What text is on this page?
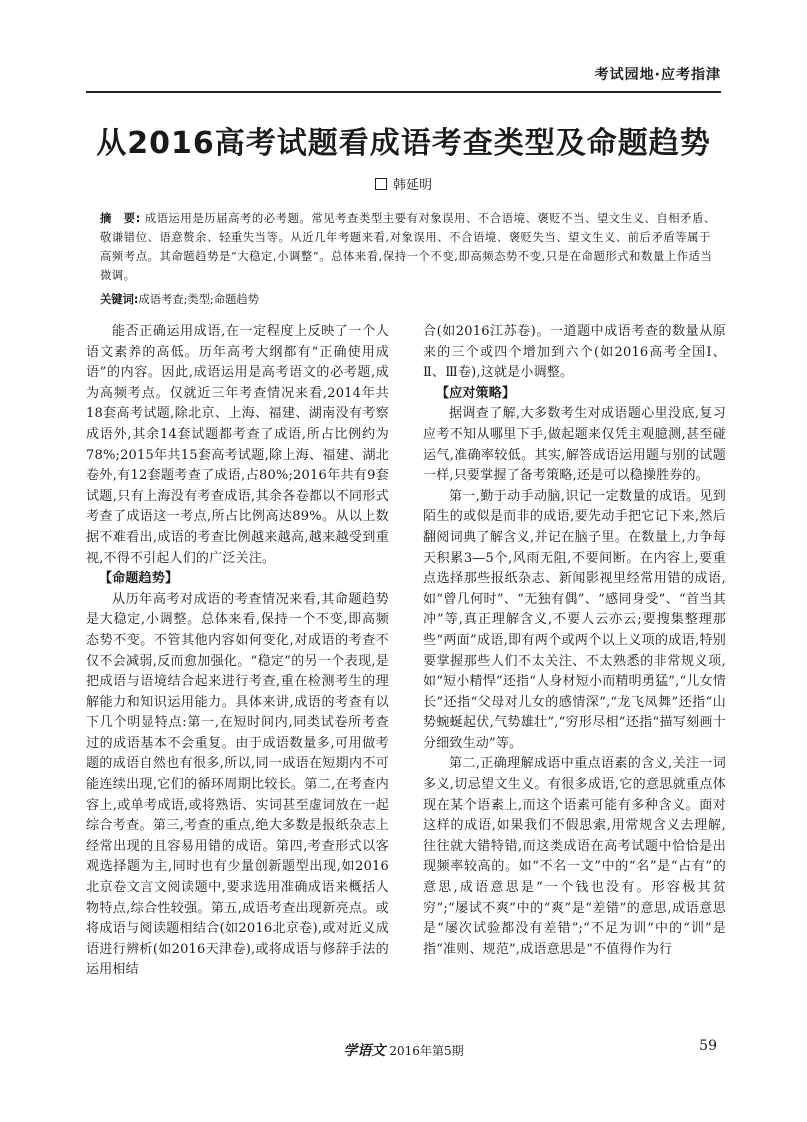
考试园地·应考指津
从2016高考试题看成语考查类型及命题趋势
韩延明
摘　要: 成语运用是历届高考的必考题。常见考查类型主要有对象误用、不合语境、褒贬不当、望文生义、自相矛盾、敬谦错位、语意赘余、轻重失当等。从近几年考题来看,对象误用、不合语境、褒贬失当、望文生义、前后矛盾等属于高频考点。其命题趋势是“大稳定,小调整”。总体来看,保持一个不变,即高频态势不变,只是在命题形式和数量上作适当微调。
关键词:成语考查;类型;命题趋势

能否正确运用成语,在一定程度上反映了一个人语文素养的高低。历年高考大纲都有“正确使用成语”的内容。因此,成语运用是高考语文的必考题,成为高频考点。仅就近三年考查情况来看,2014年共18套高考试题,除北京、上海、福建、湖南没有考察成语外,其余14套试题都考查了成语,所占比例约为78%;2015年共15套高考试题,除上海、福建、湖北卷外,有12套题考查了成语,占80%;2016年共有9套试题,只有上海没有考查成语,其余各卷都以不同形式考查了成语这一考点,所占比例高达89%。从以上数据不难看出,成语的考查比例越来越高,越来越受到重视,不得不引起人们的广泛关注。

【命题趋势】

从历年高考对成语的考查情况来看,其命题趋势是大稳定,小调整。总体来看,保持一个不变,即高频态势不变。不管其他内容如何变化,对成语的考查不仅不会减弱,反而愈加强化。“稳定”的另一个表现,是把成语与语境结合起来进行考查,重在检测考生的理解能力和知识运用能力。具体来讲,成语的考查有以下几个明显特点:第一,在短时间内,同类试卷所考查过的成语基本不会重复。由于成语数量多,可用做考题的成语自然也有很多,所以,同一成语在短期内不可能连续出现,它们的循环周期比较长。第二,在考查内容上,或单考成语,或将熟语、实词甚至虚词放在一起综合考查。第三,考查的重点,绝大多数是报纸杂志上经常出现的且容易用错的成语。第四,考查形式以客观选择题为主,同时也有少量创新题型出现,如2016北京卷文言文阅读题中,要求选用准确成语来概括人物特点,综合性较强。第五,成语考查出现新亮点。或将成语与阅读题相结合(如2016北京卷),或对近义成语进行辨析(如2016天津卷),或将成语与修辞手法的运用相结

合(如2016江苏卷)。一道题中成语考查的数量从原来的三个或四个增加到六个(如2016高考全国Ⅰ、Ⅱ、Ⅲ卷),这就是小调整。

【应对策略】

据调查了解,大多数考生对成语题心里没底,复习应考不知从哪里下手,做起题来仅凭主观臆测,甚至碰运气,准确率较低。其实,解答成语运用题与别的试题一样,只要掌握了备考策略,还是可以稳操胜券的。

第一,勤于动手动脑,识记一定数量的成语。见到陌生的或似是而非的成语,要先动手把它记下来,然后翻阅词典了解含义,并记在脑子里。在数量上,力争每天积累3—5个,风雨无阻,不要间断。在内容上,要重点选择那些报纸杂志、新闻影视里经常用错的成语,如“曾几何时”、“无独有偶”、“感同身受”、“首当其冲”等,真正理解含义,不要人云亦云;要搜集整理那些“两面”成语,即有两个或两个以上义项的成语,特别要掌握那些人们不太关注、不太熟悉的非常规义项,如“短小精悍”还指“人身材短小而精明勇猛”,“儿女情长”还指“父母对儿女的感情深”,“龙飞凤舞”还指“山势蜿蜒起伏,气势雄壮”,“穷形尽相”还指“描写刻画十分细致生动”等。

第二,正确理解成语中重点语素的含义,关注一词多义,切忌望文生义。有很多成语,它的意思就重点体现在某个语素上,而这个语素可能有多种含义。面对这样的成语,如果我们不假思索,用常规含义去理解,往往就大错特错,而这类成语在高考试题中恰恰是出现频率较高的。如“不名一文”中的“名”是“占有”的意思,成语意思是“一个钱也没有。形容极其贫穷”;“屡试不爽”中的“爽”是“差错”的意思,成语意思是“屡次试验都没有差错”;“不足为训”中的“训”是指“准则、规范”,成语意思是“不值得作为行

学语文 2016年第5期	59
